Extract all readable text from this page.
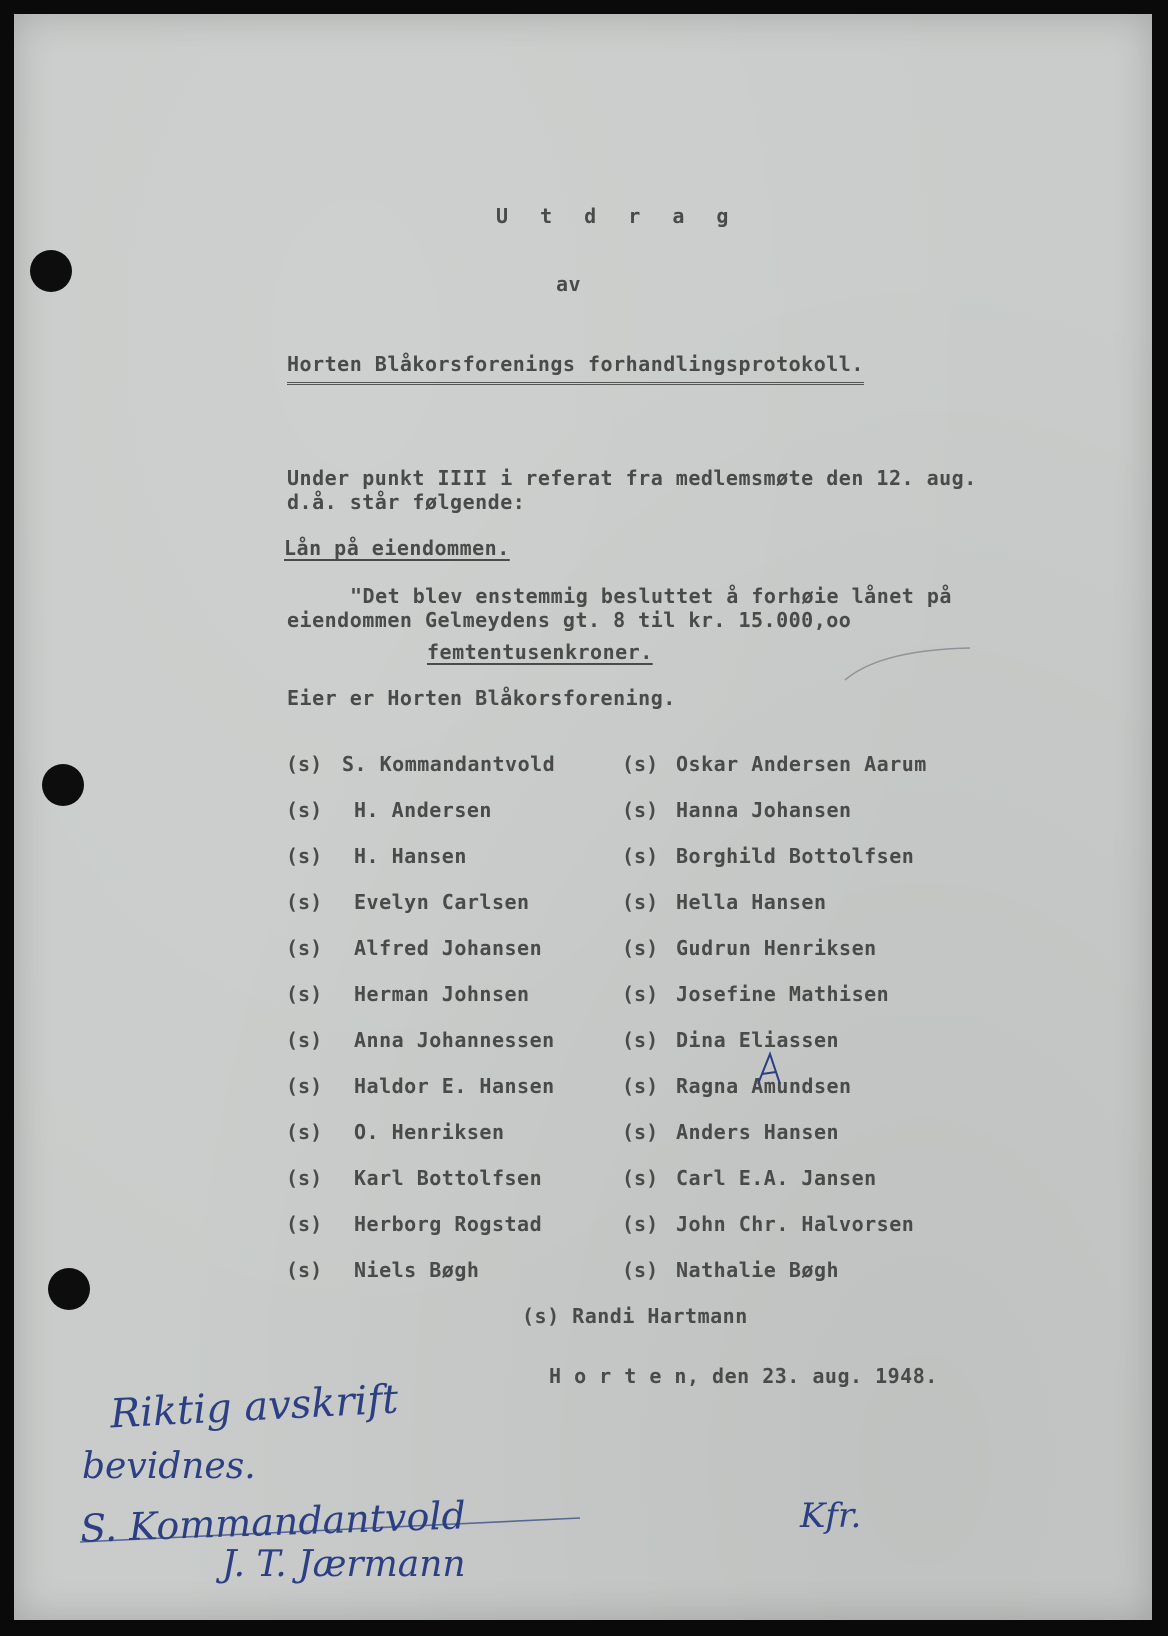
U t d r a g
av
Horten Blåkorsforenings forhandlingsprotokoll.
Under punkt IIII i referat fra medlemsmøte den 12. aug.
d.å. står følgende:
Lån på eiendommen.
"Det blev enstemmig besluttet å forhøie lånet på
eiendommen Gelmeydens gt. 8 til kr. 15.000,oo
femtentusenkroner.
Eier er Horten Blåkorsforening.
(s) S. Kommandantvold
(s) H. Andersen
(s) H. Hansen
(s) Evelyn Carlsen
(s) Alfred Johansen
(s) Herman Johnsen
(s) Anna Johannessen
(s) Haldor E. Hansen
(s) O. Henriksen
(s) Karl Bottolfsen
(s) Herborg Rogstad
(s) Niels Bøgh
(s) Oskar Andersen Aarum
(s) Hanna Johansen
(s) Borghild Bottolfsen
(s) Hella Hansen
(s) Gudrun Henriksen
(s) Josefine Mathisen
(s) Dina Eliassen
(s) Ragna Amundsen
(s) Anders Hansen
(s) Carl E.A. Jansen
(s) John Chr. Halvorsen
(s) Nathalie Bøgh
(s) Randi Hartmann
H o r t e n, den 23. aug. 1948.
Riktig avskrift
bevidnes.
S. Kommandantvold
J. T. Jærmann
Kfr.
